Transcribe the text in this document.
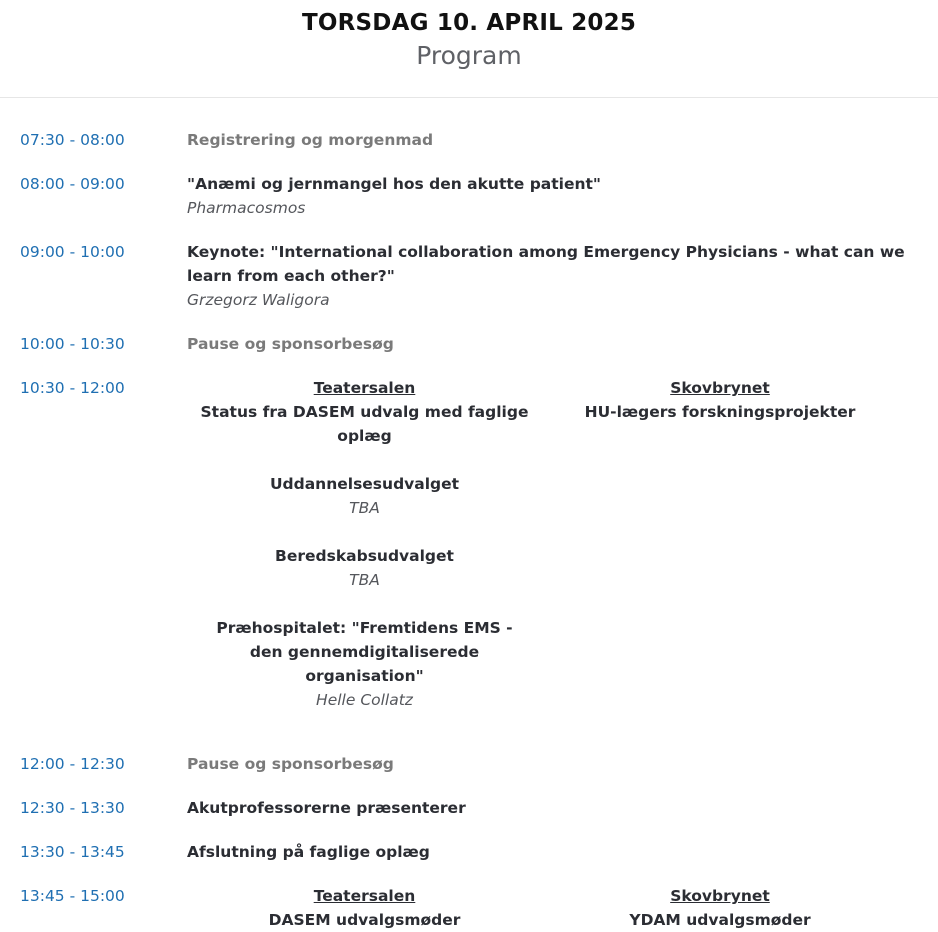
TORSDAG 10. APRIL 2025
Program
07:30 - 08:00	Registrering og morgenmad
08:00 - 09:00	"Anæmi og jernmangel hos den akutte patient"
Pharmacosmos
09:00 - 10:00	Keynote: "International collaboration among Emergency Physicians - what can we learn from each other?"
Grzegorz Waligora
10:00 - 10:30	Pause og sponsorbesøg
10:30 - 12:00	Teatersalen
Status fra DASEM udvalg med faglige oplæg
Uddannelsesudvalget
TBA
Beredskabsudvalget
TBA
Præhospitalet: "Fremtidens EMS - den gennemdigitaliserede organisation"
Helle Collatz
Skovbrynet
HU-lægers forskningsprojekter
12:00 - 12:30	Pause og sponsorbesøg
12:30 - 13:30	Akutprofessorerne præsenterer
13:30 - 13:45	Afslutning på faglige oplæg
13:45 - 15:00	Teatersalen
DASEM udvalgsmøder
Skovbrynet
YDAM udvalgsmøder
